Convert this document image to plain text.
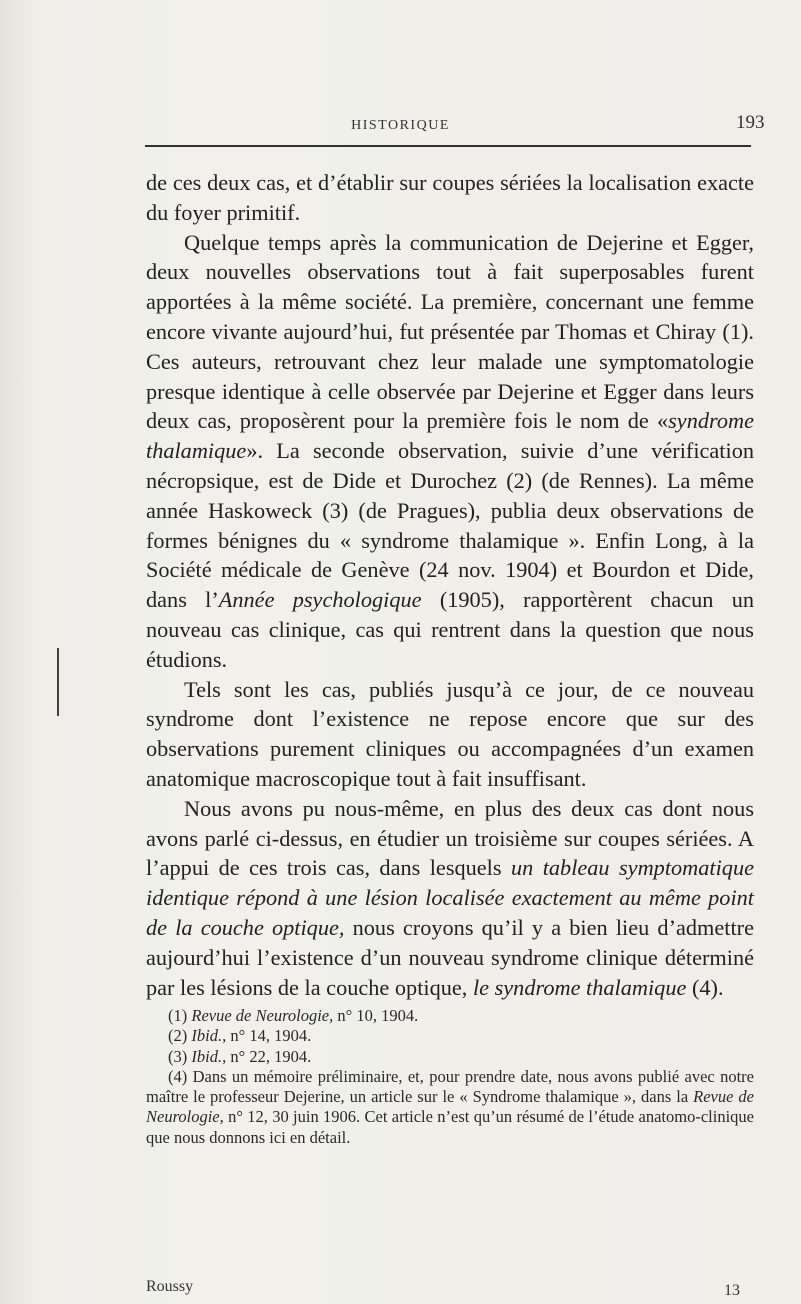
HISTORIQUE	193

de ces deux cas, et d’établir sur coupes sériées la localisation exacte du foyer primitif.

Quelque temps après la communication de Dejerine et Egger, deux nouvelles observations tout à fait superposables furent apportées à la même société. La première, concernant une femme encore vivante aujourd’hui, fut présentée par Thomas et Chiray (1). Ces auteurs, retrouvant chez leur malade une symptomatologie presque identique à celle observée par Dejerine et Egger dans leurs deux cas, proposèrent pour la première fois le nom de «syndrome thalamique». La seconde observation, suivie d’une vérification nécropsique, est de Dide et Durochez (2) (de Rennes). La même année Haskoweck (3) (de Pragues), publia deux observations de formes bénignes du « syndrome thalamique ». Enfin Long, à la Société médicale de Genève (24 nov. 1904) et Bourdon et Dide, dans l’Année psychologique (1905), rapportèrent chacun un nouveau cas clinique, cas qui rentrent dans la question que nous étudions.

Tels sont les cas, publiés jusqu’à ce jour, de ce nouveau syndrome dont l’existence ne repose encore que sur des observations purement cliniques ou accompagnées d’un examen anatomique macroscopique tout à fait insuffisant.

Nous avons pu nous-même, en plus des deux cas dont nous avons parlé ci-dessus, en étudier un troisième sur coupes sériées. A l’appui de ces trois cas, dans lesquels un tableau symptomatique identique répond à une lésion localisée exactement au même point de la couche optique, nous croyons qu’il y a bien lieu d’admettre aujourd’hui l’existence d’un nouveau syndrome clinique déterminé par les lésions de la couche optique, le syndrome thalamique (4).

(1) Revue de Neurologie, n° 10, 1904.

(2) Ibid., n° 14, 1904.

(3) Ibid., n° 22, 1904.

(4) Dans un mémoire préliminaire, et, pour prendre date, nous avons publié avec notre maître le professeur Dejerine, un article sur le « Syndrome thalamique », dans la Revue de Neurologie, n° 12, 30 juin 1906. Cet article n’est qu’un résumé de l’étude anatomo-clinique que nous donnons ici en détail.

Roussy	13
